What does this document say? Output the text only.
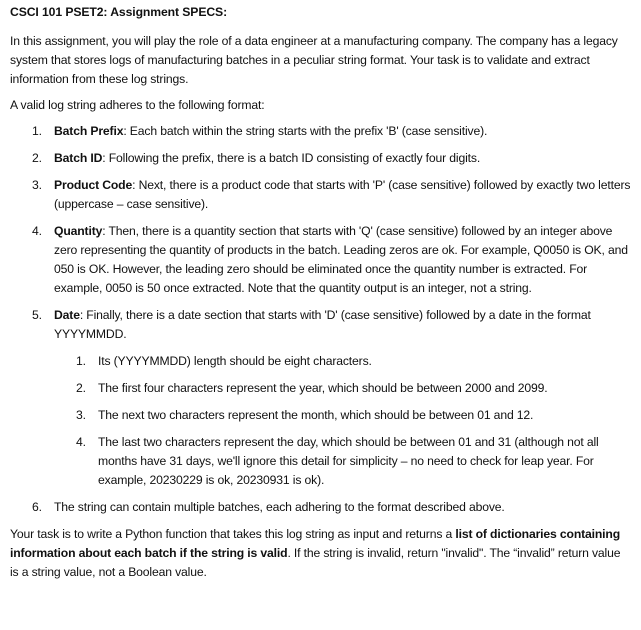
CSCI 101 PSET2: Assignment SPECS:

In this assignment, you will play the role of a data engineer at a manufacturing company. The company has a legacy system that stores logs of manufacturing batches in a peculiar string format. Your task is to validate and extract information from these log strings.

A valid log string adheres to the following format:

1. Batch Prefix: Each batch within the string starts with the prefix 'B' (case sensitive).
2. Batch ID: Following the prefix, there is a batch ID consisting of exactly four digits.
3. Product Code: Next, there is a product code that starts with 'P' (case sensitive) followed by exactly two letters (uppercase – case sensitive).
4. Quantity: Then, there is a quantity section that starts with 'Q' (case sensitive) followed by an integer above zero representing the quantity of products in the batch. Leading zeros are ok. For example, Q0050 is OK, and 050 is OK. However, the leading zero should be eliminated once the quantity number is extracted. For example, 0050 is 50 once extracted. Note that the quantity output is an integer, not a string.
5. Date: Finally, there is a date section that starts with 'D' (case sensitive) followed by a date in the format YYYYMMDD.
1. Its (YYYYMMDD) length should be eight characters.
2. The first four characters represent the year, which should be between 2000 and 2099.
3. The next two characters represent the month, which should be between 01 and 12.
4. The last two characters represent the day, which should be between 01 and 31 (although not all months have 31 days, we'll ignore this detail for simplicity – no need to check for leap year. For example, 20230229 is ok, 20230931 is ok).
6. The string can contain multiple batches, each adhering to the format described above.

Your task is to write a Python function that takes this log string as input and returns a list of dictionaries containing information about each batch if the string is valid. If the string is invalid, return "invalid". The “invalid” return value is a string value, not a Boolean value.
